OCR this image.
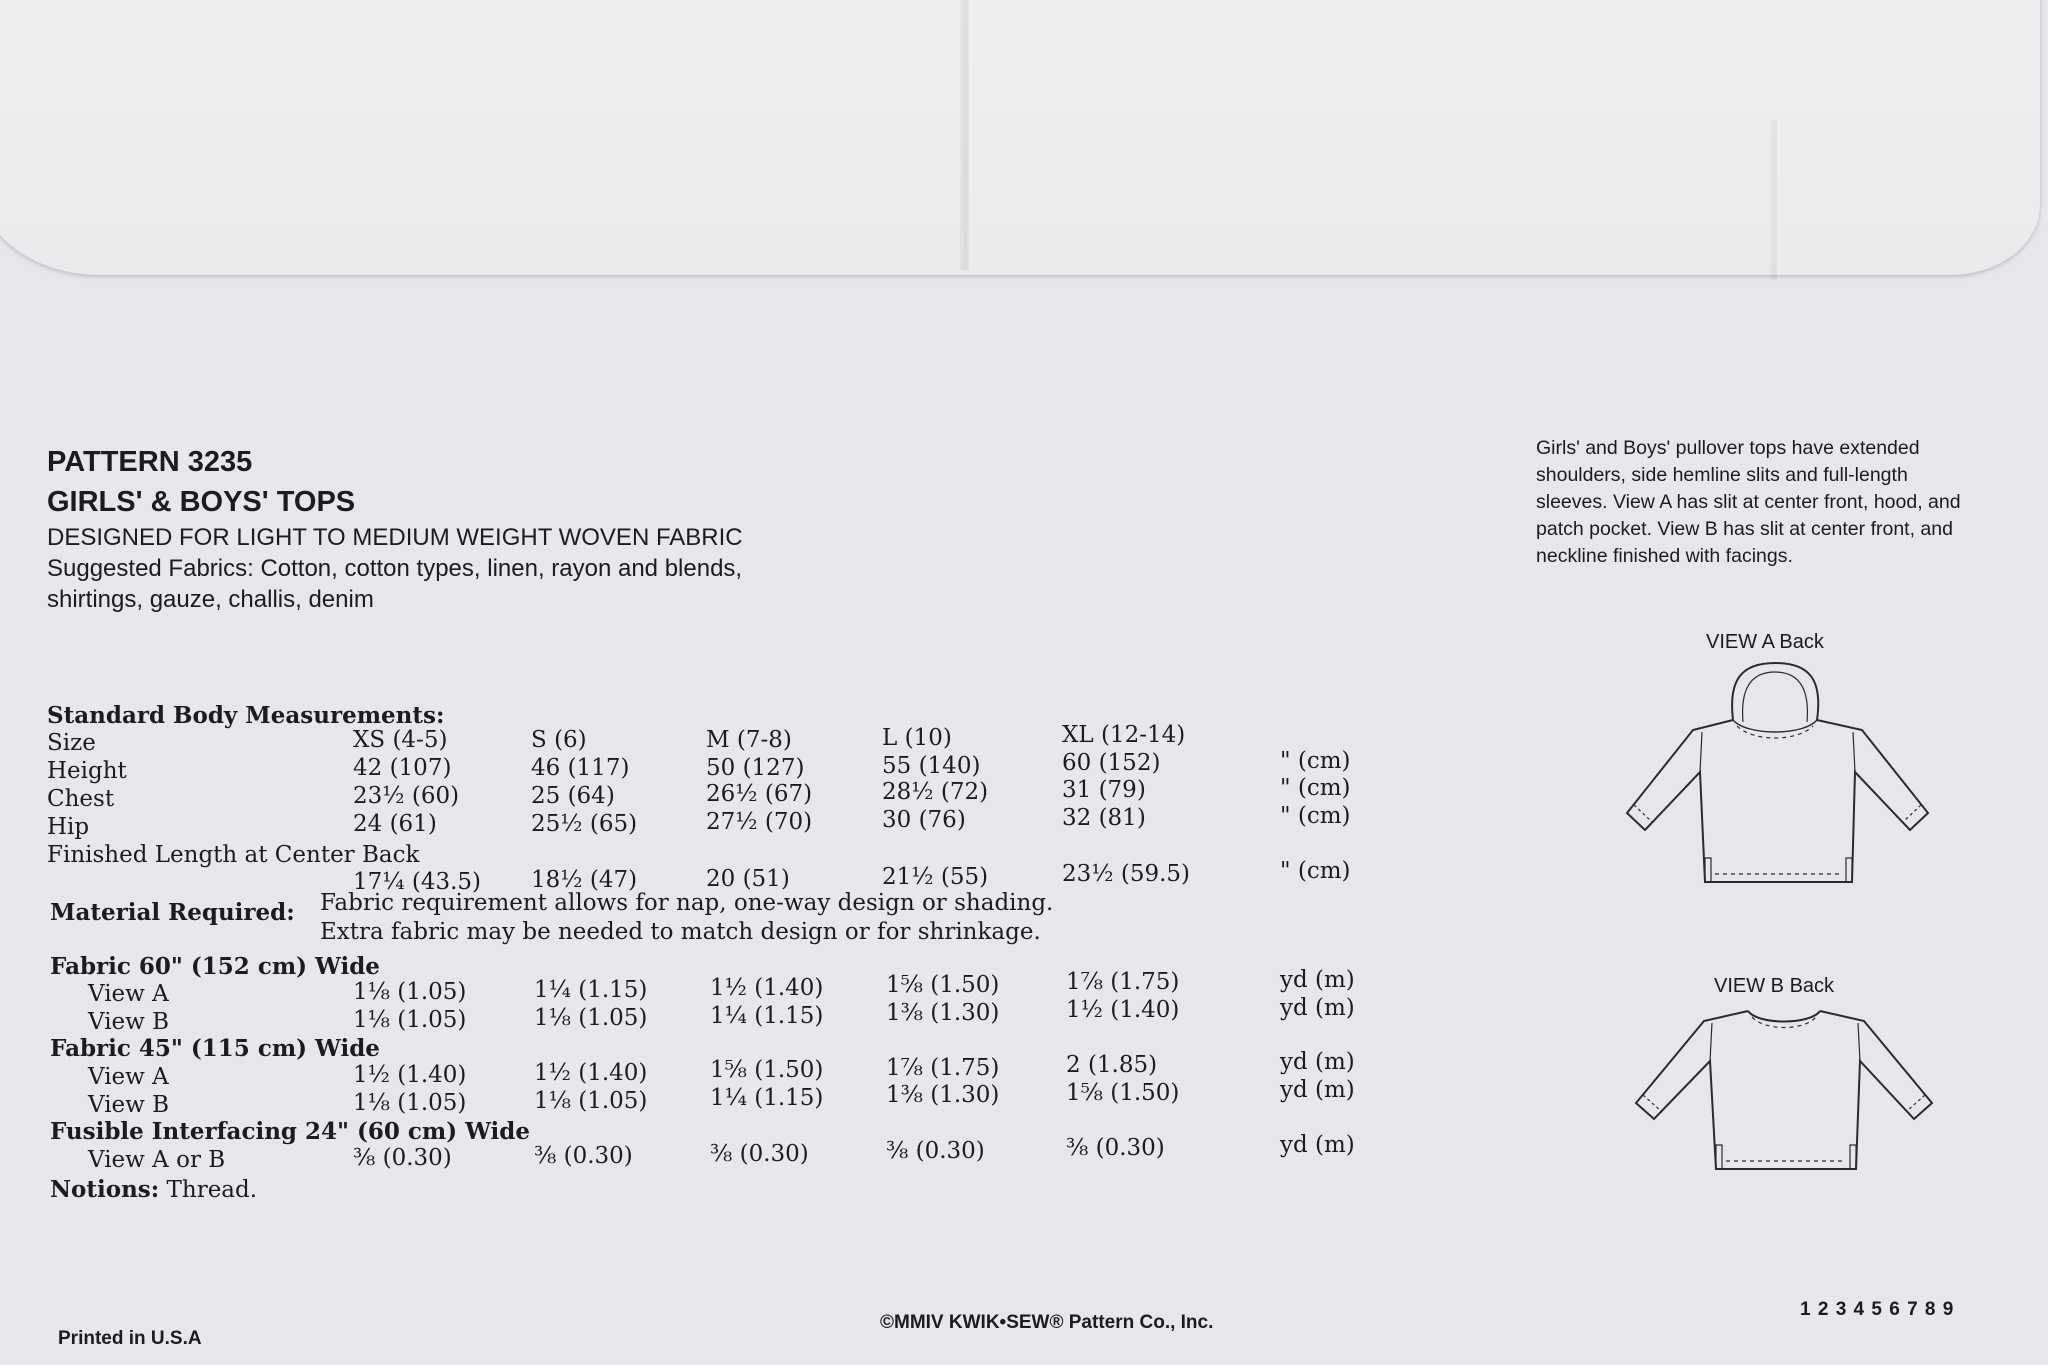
PATTERN 3235
GIRLS' & BOYS' TOPS
DESIGNED FOR LIGHT TO MEDIUM WEIGHT WOVEN FABRIC
Suggested Fabrics: Cotton, cotton types, linen, rayon and blends,
shirtings, gauze, challis, denim
Girls' and Boys' pullover tops have extended shoulders, side hemline slits and full-length sleeves. View A has slit at center front, hood, and patch pocket. View B has slit at center front, and neckline finished with facings.
Standard Body Measurements:
Size	XS (4-5)	S (6)	M (7-8)	L (10)	XL (12-14)
Height	42 (107)	46 (117)	50 (127)	55 (140)	60 (152)	" (cm)
Chest	23½ (60)	25 (64)	26½ (67)	28½ (72)	31 (79)	" (cm)
Hip	24 (61)	25½ (65)	27½ (70)	30 (76)	32 (81)	" (cm)
Finished Length at Center Back
17¼ (43.5) 18½ (47)	20 (51)	21½ (55)	23½ (59.5)	" (cm)
Material Required: Fabric requirement allows for nap, one-way design or shading.
Extra fabric may be needed to match design or for shrinkage.
Fabric 60" (152 cm) Wide
View A	1⅛ (1.05)	1¼ (1.15)	1½ (1.40)	1⅝ (1.50)	1⅞ (1.75)	yd (m)
View B	1⅛ (1.05)	1⅛ (1.05)	1¼ (1.15)	1⅜ (1.30)	1½ (1.40)	yd (m)
Fabric 45" (115 cm) Wide
View A	1½ (1.40)	1½ (1.40)	1⅝ (1.50)	1⅞ (1.75)	2 (1.85)	yd (m)
View B	1⅛ (1.05)	1⅛ (1.05)	1¼ (1.15)	1⅜ (1.30)	1⅝ (1.50)	yd (m)
Fusible Interfacing 24" (60 cm) Wide
View A or B	⅜ (0.30)	⅜ (0.30)	⅜ (0.30)	⅜ (0.30)	⅜ (0.30)	yd (m)
Notions: Thread.
VIEW A Back
VIEW B Back
Printed in U.S.A
©MMIV KWIK•SEW® Pattern Co., Inc.
1 2 3 4 5 6 7 8 9
